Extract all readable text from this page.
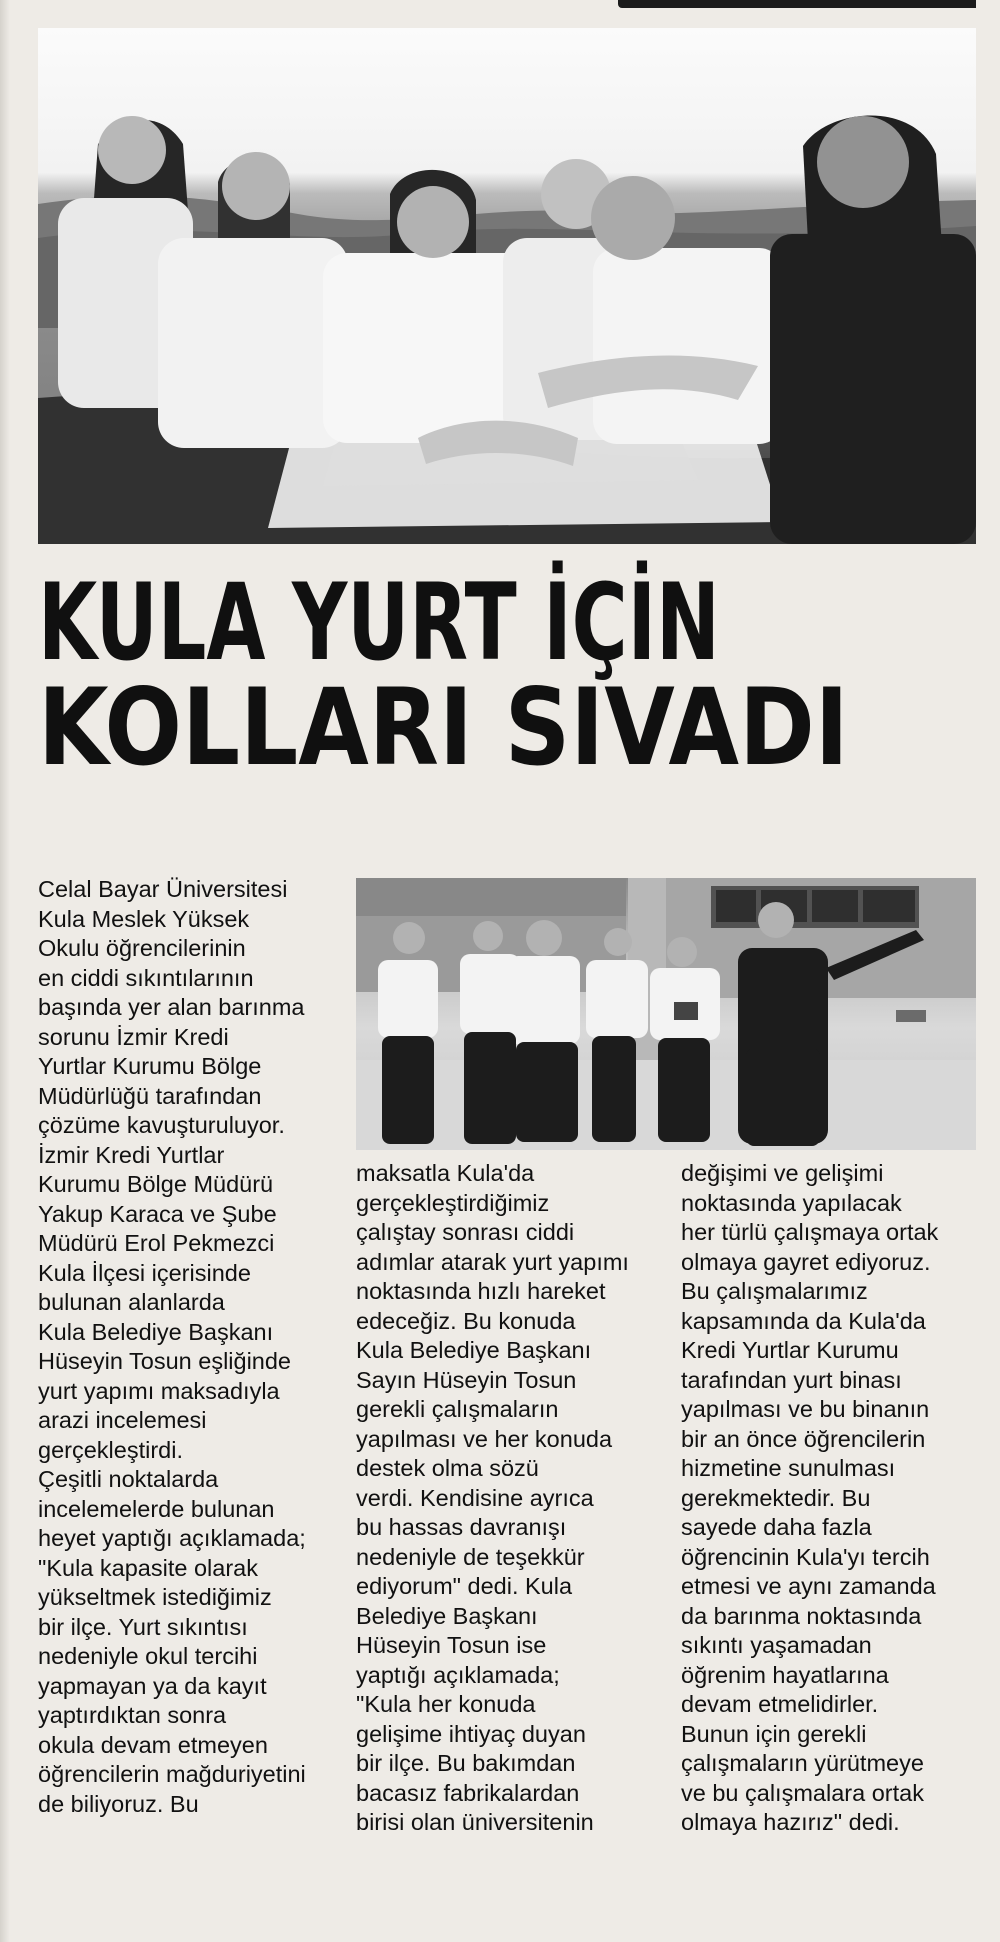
KULA YURT İÇİN
KOLLARI SIVADI

Celal Bayar Üniversitesi
Kula Meslek Yüksek
Okulu öğrencilerinin
en ciddi sıkıntılarının
başında yer alan barınma
sorunu İzmir Kredi
Yurtlar Kurumu Bölge
Müdürlüğü tarafından
çözüme kavuşturuluyor.
İzmir Kredi Yurtlar
Kurumu Bölge Müdürü
Yakup Karaca ve Şube
Müdürü Erol Pekmezci
Kula İlçesi içerisinde
bulunan alanlarda
Kula Belediye Başkanı
Hüseyin Tosun eşliğinde
yurt yapımı maksadıyla
arazi incelemesi
gerçekleştirdi.
Çeşitli noktalarda
incelemelerde bulunan
heyet yaptığı açıklamada;
"Kula kapasite olarak
yükseltmek istediğimiz
bir ilçe. Yurt sıkıntısı
nedeniyle okul tercihi
yapmayan ya da kayıt
yaptırdıktan sonra
okula devam etmeyen
öğrencilerin mağduriyetini
de biliyoruz. Bu

maksatla Kula'da
gerçekleştirdiğimiz
çalıştay sonrası ciddi
adımlar atarak yurt yapımı
noktasında hızlı hareket
edeceğiz. Bu konuda
Kula Belediye Başkanı
Sayın Hüseyin Tosun
gerekli çalışmaların
yapılması ve her konuda
destek olma sözü
verdi. Kendisine ayrıca
bu hassas davranışı
nedeniyle de teşekkür
ediyorum" dedi. Kula
Belediye Başkanı
Hüseyin Tosun ise
yaptığı açıklamada;
"Kula her konuda
gelişime ihtiyaç duyan
bir ilçe. Bu bakımdan
bacasız fabrikalardan
birisi olan üniversitenin

değişimi ve gelişimi
noktasında yapılacak
her türlü çalışmaya ortak
olmaya gayret ediyoruz.
Bu çalışmalarımız
kapsamında da Kula'da
Kredi Yurtlar Kurumu
tarafından yurt binası
yapılması ve bu binanın
bir an önce öğrencilerin
hizmetine sunulması
gerekmektedir. Bu
sayede daha fazla
öğrencinin Kula'yı tercih
etmesi ve aynı zamanda
da barınma noktasında
sıkıntı yaşamadan
öğrenim hayatlarına
devam etmelidirler.
Bunun için gerekli
çalışmaların yürütmeye
ve bu çalışmalara ortak
olmaya hazırız" dedi.
